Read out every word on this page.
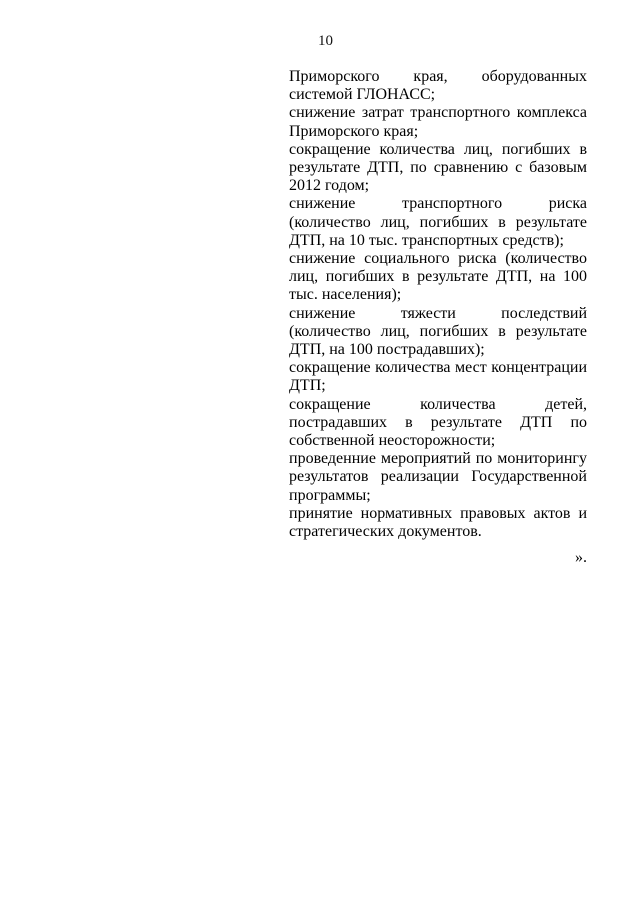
10

Приморского края, оборудованных системой ГЛОНАСС;

снижение затрат транспортного комплекса Приморского края;

сокращение количества лиц, погибших в результате ДТП, по сравнению с базовым 2012 годом;

снижение транспортного риска (количество лиц, погибших в результате ДТП, на 10 тыс. транспортных средств);

снижение социального риска (количество лиц, погибших в результате ДТП, на 100 тыс. населения);

снижение тяжести последствий (количество лиц, погибших в результате ДТП, на 100 пострадавших);

сокращение количества мест концентрации ДТП;

сокращение количества детей, пострадавших в результате ДТП по собственной неосторожности;

проведенние мероприятий по мониторингу результатов реализации Государственной программы;

принятие нормативных правовых актов и стратегических документов.

».
